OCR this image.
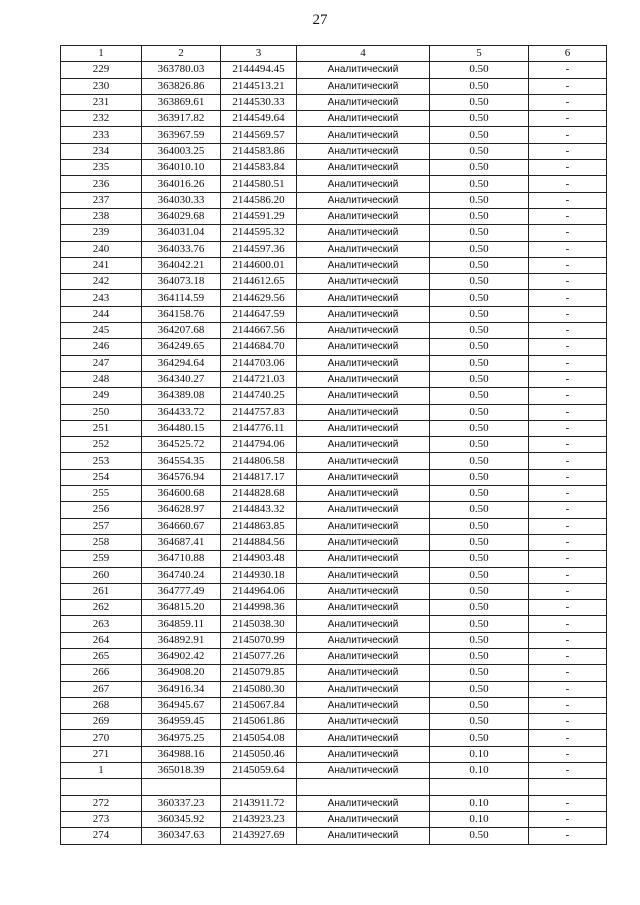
27
1	2	3	4	5	6
229	363780.03	2144494.45	Аналитический	0.50	-
230	363826.86	2144513.21	Аналитический	0.50	-
231	363869.61	2144530.33	Аналитический	0.50	-
232	363917.82	2144549.64	Аналитический	0.50	-
233	363967.59	2144569.57	Аналитический	0.50	-
234	364003.25	2144583.86	Аналитический	0.50	-
235	364010.10	2144583.84	Аналитический	0.50	-
236	364016.26	2144580.51	Аналитический	0.50	-
237	364030.33	2144586.20	Аналитический	0.50	-
238	364029.68	2144591.29	Аналитический	0.50	-
239	364031.04	2144595.32	Аналитический	0.50	-
240	364033.76	2144597.36	Аналитический	0.50	-
241	364042.21	2144600.01	Аналитический	0.50	-
242	364073.18	2144612.65	Аналитический	0.50	-
243	364114.59	2144629.56	Аналитический	0.50	-
244	364158.76	2144647.59	Аналитический	0.50	-
245	364207.68	2144667.56	Аналитический	0.50	-
246	364249.65	2144684.70	Аналитический	0.50	-
247	364294.64	2144703.06	Аналитический	0.50	-
248	364340.27	2144721.03	Аналитический	0.50	-
249	364389.08	2144740.25	Аналитический	0.50	-
250	364433.72	2144757.83	Аналитический	0.50	-
251	364480.15	2144776.11	Аналитический	0.50	-
252	364525.72	2144794.06	Аналитический	0.50	-
253	364554.35	2144806.58	Аналитический	0.50	-
254	364576.94	2144817.17	Аналитический	0.50	-
255	364600.68	2144828.68	Аналитический	0.50	-
256	364628.97	2144843.32	Аналитический	0.50	-
257	364660.67	2144863.85	Аналитический	0.50	-
258	364687.41	2144884.56	Аналитический	0.50	-
259	364710.88	2144903.48	Аналитический	0.50	-
260	364740.24	2144930.18	Аналитический	0.50	-
261	364777.49	2144964.06	Аналитический	0.50	-
262	364815.20	2144998.36	Аналитический	0.50	-
263	364859.11	2145038.30	Аналитический	0.50	-
264	364892.91	2145070.99	Аналитический	0.50	-
265	364902.42	2145077.26	Аналитический	0.50	-
266	364908.20	2145079.85	Аналитический	0.50	-
267	364916.34	2145080.30	Аналитический	0.50	-
268	364945.67	2145067.84	Аналитический	0.50	-
269	364959.45	2145061.86	Аналитический	0.50	-
270	364975.25	2145054.08	Аналитический	0.50	-
271	364988.16	2145050.46	Аналитический	0.10	-
1	365018.39	2145059.64	Аналитический	0.10	-

272	360337.23	2143911.72	Аналитический	0.10	-
273	360345.92	2143923.23	Аналитический	0.10	-
274	360347.63	2143927.69	Аналитический	0.50	-
